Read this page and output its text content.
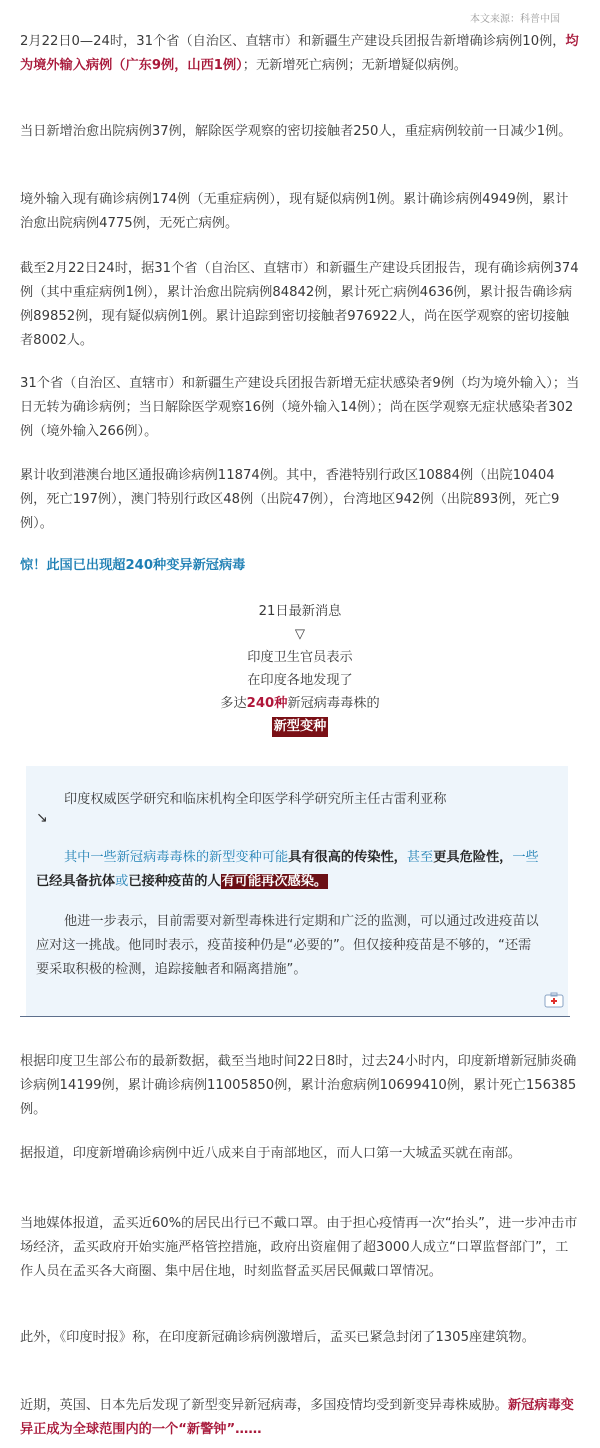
本文来源：科普中国

2月22日0—24时，31个省（自治区、直辖市）和新疆生产建设兵团报告新增确诊病例10例，均为境外输入病例（广东9例，山西1例）；无新增死亡病例；无新增疑似病例。

当日新增治愈出院病例37例，解除医学观察的密切接触者250人，重症病例较前一日减少1例。

境外输入现有确诊病例174例（无重症病例），现有疑似病例1例。累计确诊病例4949例，累计治愈出院病例4775例，无死亡病例。

截至2月22日24时，据31个省（自治区、直辖市）和新疆生产建设兵团报告，现有确诊病例374例（其中重症病例1例），累计治愈出院病例84842例，累计死亡病例4636例，累计报告确诊病例89852例，现有疑似病例1例。累计追踪到密切接触者976922人，尚在医学观察的密切接触者8002人。

31个省（自治区、直辖市）和新疆生产建设兵团报告新增无症状感染者9例（均为境外输入）；当日无转为确诊病例；当日解除医学观察16例（境外输入14例）；尚在医学观察无症状感染者302例（境外输入266例）。

累计收到港澳台地区通报确诊病例11874例。其中，香港特别行政区10884例（出院10404例，死亡197例），澳门特别行政区48例（出院47例），台湾地区942例（出院893例，死亡9例）。

惊！此国已出现超240种变异新冠病毒
21日最新消息
▽
印度卫生官员表示
在印度各地发现了
多达240种新冠病毒毒株的
新型变种

印度权威医学研究和临床机构全印医学科学研究所主任古雷利亚称

↘

其中一些新冠病毒毒株的新型变种可能具有很高的传染性，甚至更具危险性，一些已经具备抗体或已接种疫苗的人有可能再次感染。

他进一步表示，目前需要对新型毒株进行定期和广泛的监测，可以通过改进疫苗以应对这一挑战。他同时表示，疫苗接种仍是“必要的”。但仅接种疫苗是不够的，“还需要采取积极的检测，追踪接触者和隔离措施”。

根据印度卫生部公布的最新数据，截至当地时间22日8时，过去24小时内，印度新增新冠肺炎确诊病例14199例，累计确诊病例11005850例，累计治愈病例10699410例，累计死亡156385例。

据报道，印度新增确诊病例中近八成来自于南部地区，而人口第一大城孟买就在南部。

当地媒体报道，孟买近60%的居民出行已不戴口罩。由于担心疫情再一次“抬头”，进一步冲击市场经济，孟买政府开始实施严格管控措施，政府出资雇佣了超3000人成立“口罩监督部门”，工作人员在孟买各大商圈、集中居住地，时刻监督孟买居民佩戴口罩情况。

此外，《印度时报》称，在印度新冠确诊病例激增后，孟买已紧急封闭了1305座建筑物。

近期，英国、日本先后发现了新型变异新冠病毒，多国疫情均受到新变异毒株威胁。新冠病毒变异正成为全球范围内的一个“新警钟”……
